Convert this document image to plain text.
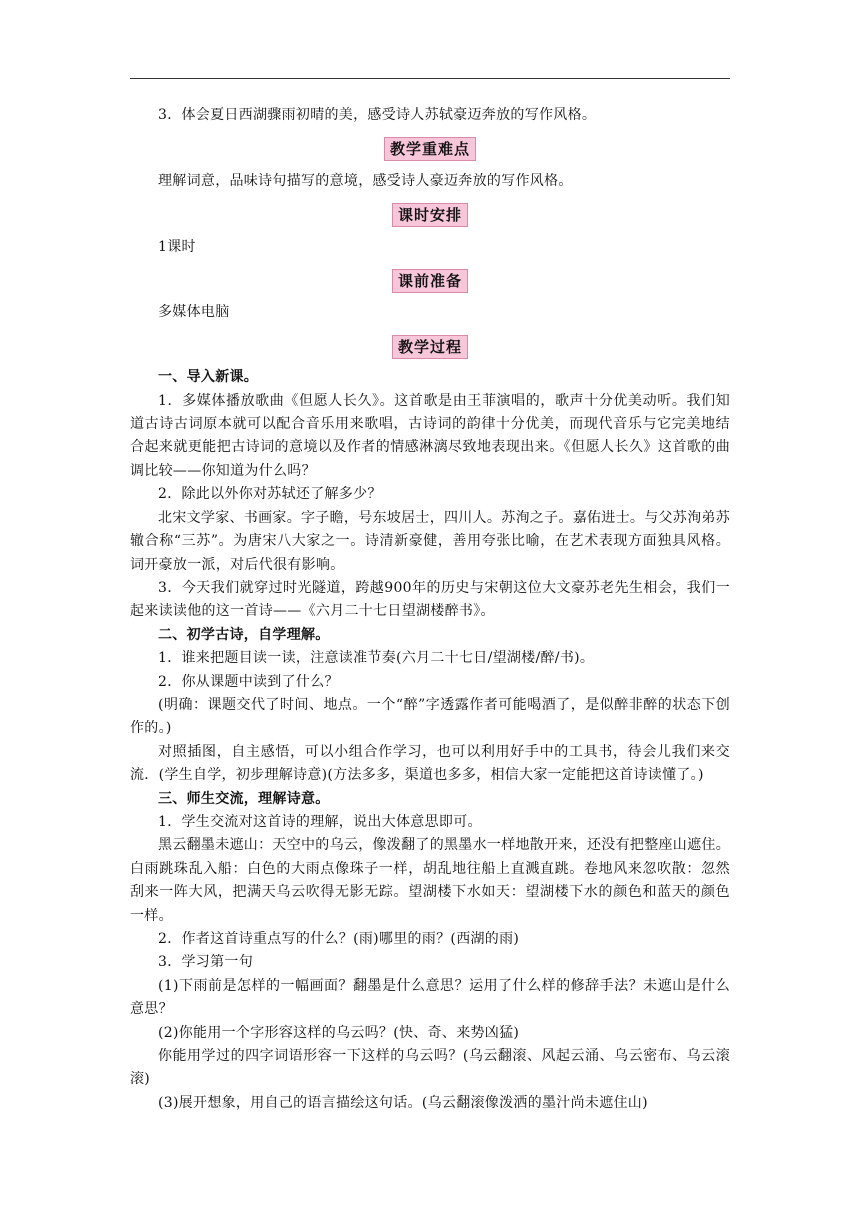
3．体会夏日西湖骤雨初晴的美，感受诗人苏轼豪迈奔放的写作风格。

教学重难点

理解词意，品味诗句描写的意境，感受诗人豪迈奔放的写作风格。

课时安排

1课时

课前准备

多媒体电脑

教学过程

一、导入新课。

1．多媒体播放歌曲《但愿人长久》。这首歌是由王菲演唱的，歌声十分优美动听。我们知道古诗古词原本就可以配合音乐用来歌唱，古诗词的韵律十分优美，而现代音乐与它完美地结合起来就更能把古诗词的意境以及作者的情感淋漓尽致地表现出来。《但愿人长久》这首歌的曲调比较——你知道为什么吗？

2．除此以外你对苏轼还了解多少？

北宋文学家、书画家。字子瞻，号东坡居士，四川人。苏洵之子。嘉佑进士。与父苏洵弟苏辙合称“三苏”。为唐宋八大家之一。诗清新豪健，善用夸张比喻，在艺术表现方面独具风格。词开豪放一派，对后代很有影响。

3．今天我们就穿过时光隧道，跨越900年的历史与宋朝这位大文豪苏老先生相会，我们一起来读读他的这一首诗——《六月二十七日望湖楼醉书》。

二、初学古诗，自学理解。

1．谁来把题目读一读，注意读准节奏(六月二十七日/望湖楼/醉/书)。

2．你从课题中读到了什么？

(明确：课题交代了时间、地点。一个“醉”字透露作者可能喝酒了，是似醉非醉的状态下创作的。)

对照插图，自主感悟，可以小组合作学习，也可以利用好手中的工具书，待会儿我们来交流．(学生自学，初步理解诗意)(方法多多，渠道也多多，相信大家一定能把这首诗读懂了。)

三、师生交流，理解诗意。

1．学生交流对这首诗的理解，说出大体意思即可。

黑云翻墨未遮山：天空中的乌云，像泼翻了的黑墨水一样地散开来，还没有把整座山遮住。白雨跳珠乱入船：白色的大雨点像珠子一样，胡乱地往船上直溅直跳。卷地风来忽吹散：忽然刮来一阵大风，把满天乌云吹得无影无踪。望湖楼下水如天：望湖楼下水的颜色和蓝天的颜色一样。

2．作者这首诗重点写的什么？(雨)哪里的雨？(西湖的雨)

3．学习第一句

(1)下雨前是怎样的一幅画面？翻墨是什么意思？运用了什么样的修辞手法？未遮山是什么意思？

(2)你能用一个字形容这样的乌云吗？(快、奇、来势凶猛)

你能用学过的四字词语形容一下这样的乌云吗？(乌云翻滚、风起云涌、乌云密布、乌云滚滚)

(3)展开想象，用自己的语言描绘这句话。(乌云翻滚像泼洒的墨汁尚未遮住山)
